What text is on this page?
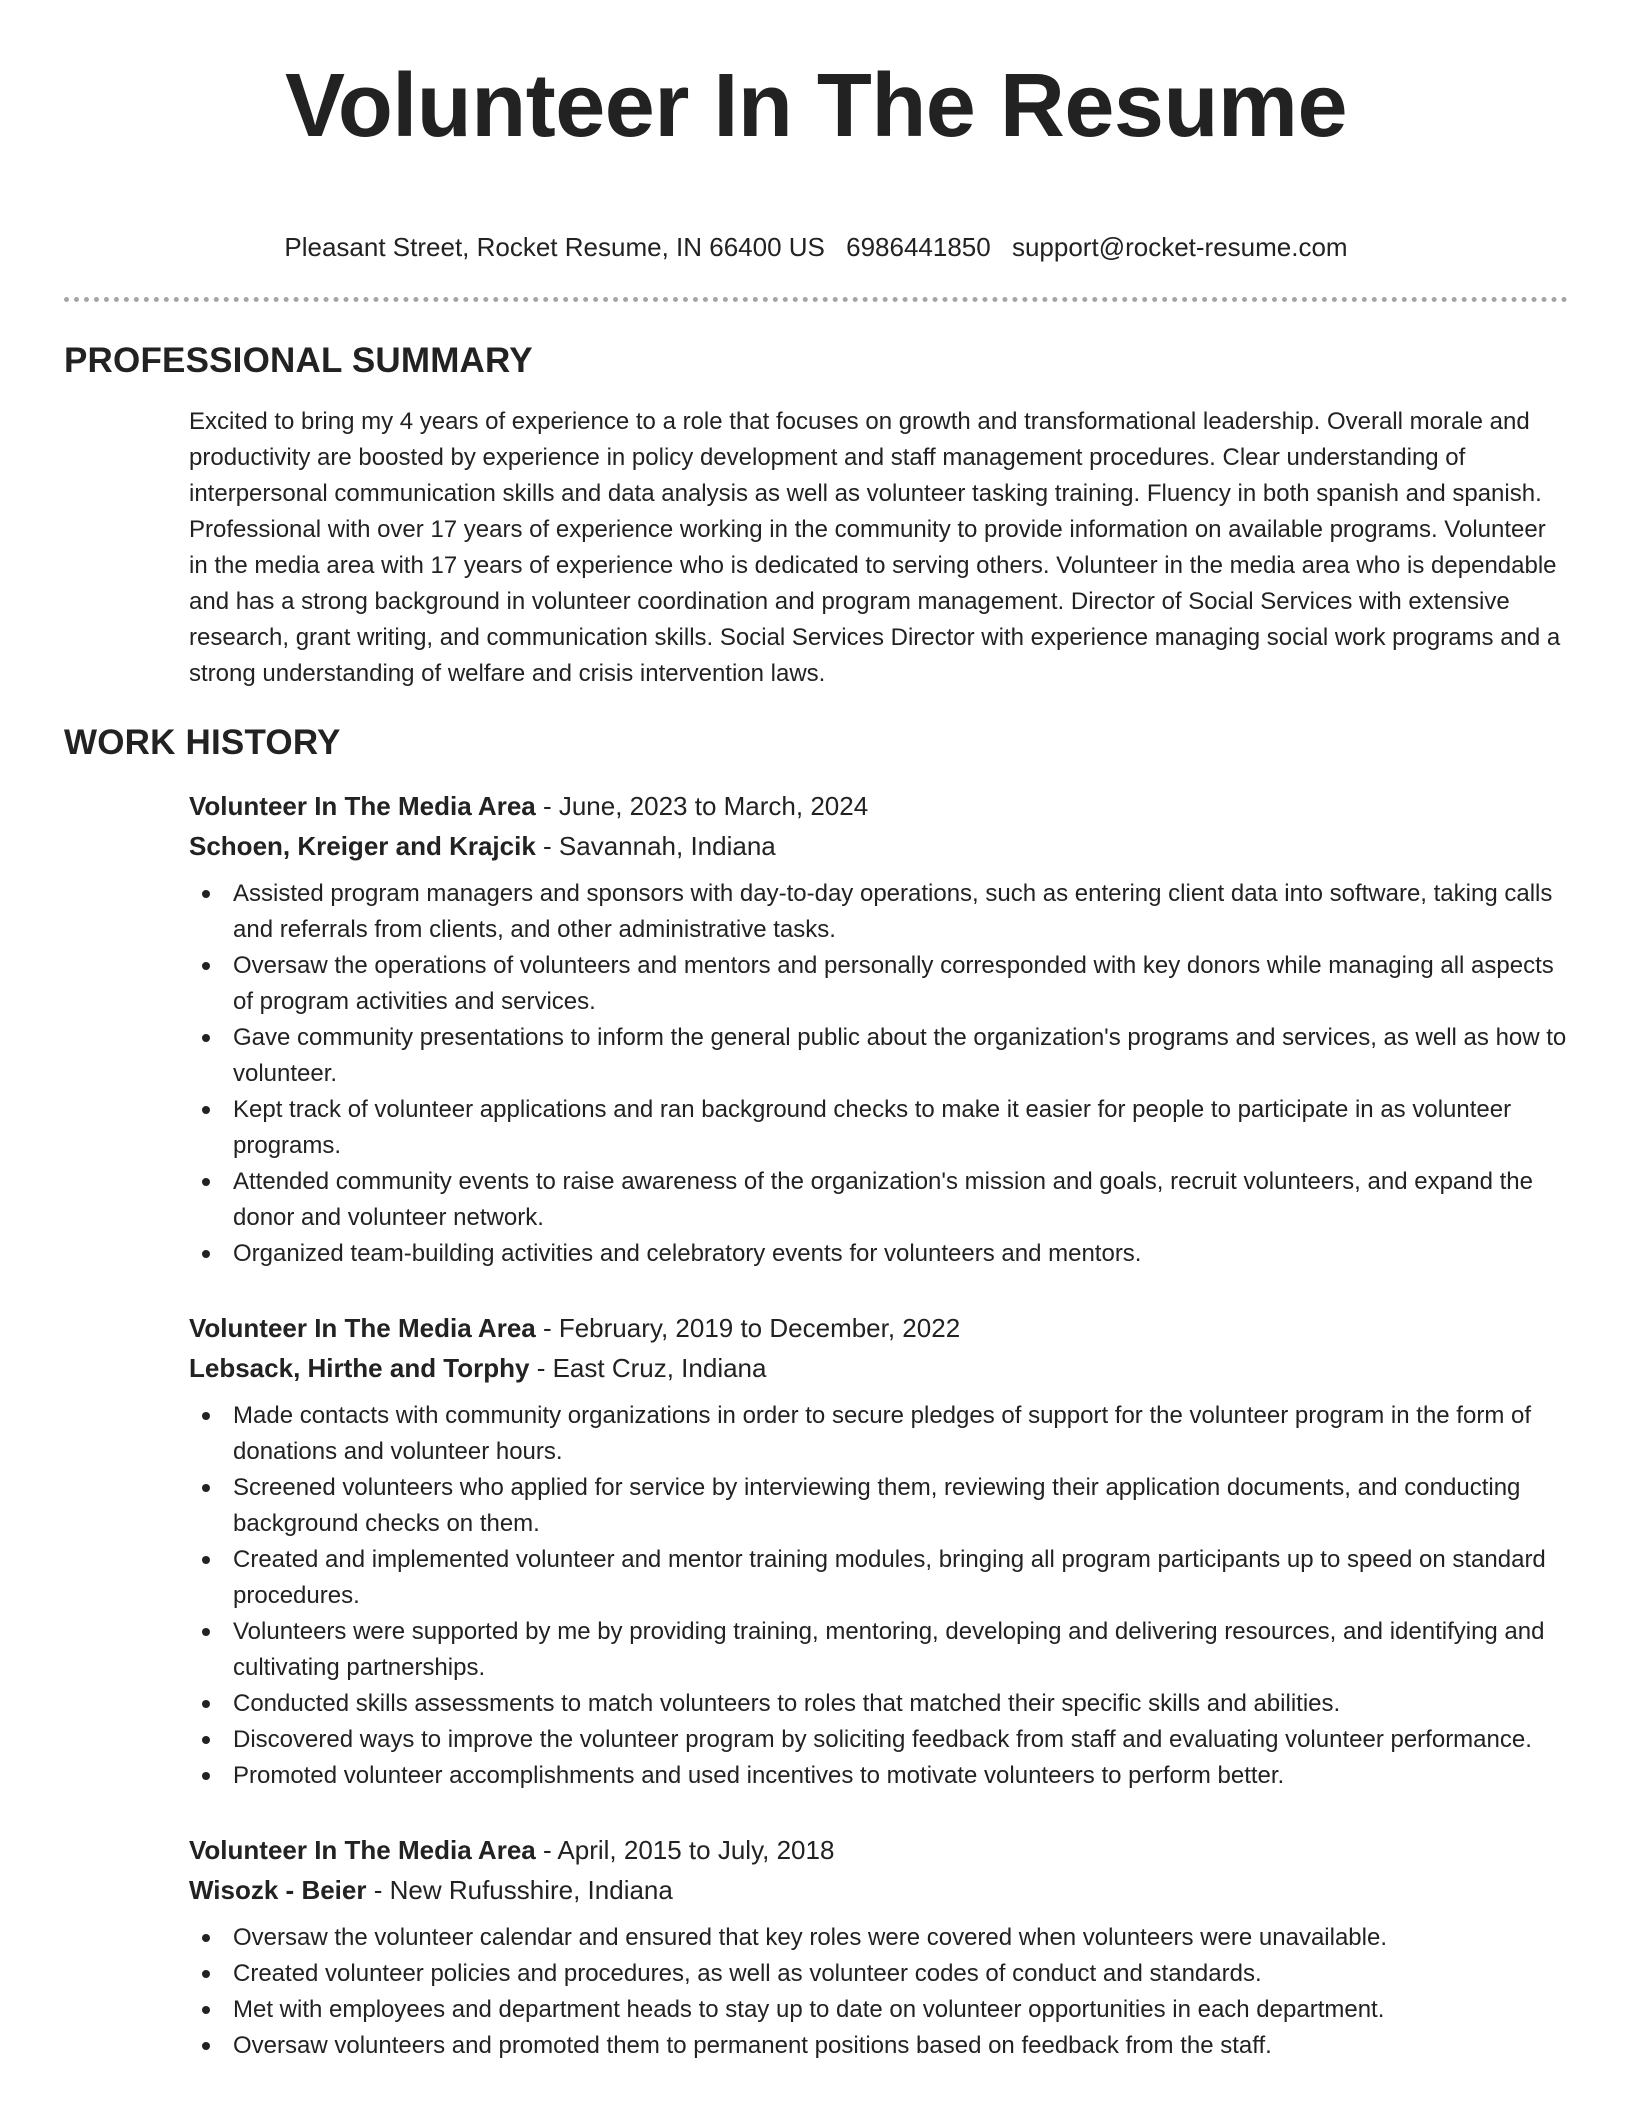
Volunteer In The Resume
Pleasant Street, Rocket Resume, IN 66400 US 6986441850 support@rocket-resume.com
PROFESSIONAL SUMMARY
Excited to bring my 4 years of experience to a role that focuses on growth and transformational leadership. Overall morale and productivity are boosted by experience in policy development and staff management procedures. Clear understanding of interpersonal communication skills and data analysis as well as volunteer tasking training. Fluency in both spanish and spanish. Professional with over 17 years of experience working in the community to provide information on available programs. Volunteer in the media area with 17 years of experience who is dedicated to serving others. Volunteer in the media area who is dependable and has a strong background in volunteer coordination and program management. Director of Social Services with extensive research, grant writing, and communication skills. Social Services Director with experience managing social work programs and a strong understanding of welfare and crisis intervention laws.
WORK HISTORY
Volunteer In The Media Area - June, 2023 to March, 2024
Schoen, Kreiger and Krajcik - Savannah, Indiana
Assisted program managers and sponsors with day-to-day operations, such as entering client data into software, taking calls and referrals from clients, and other administrative tasks.
Oversaw the operations of volunteers and mentors and personally corresponded with key donors while managing all aspects of program activities and services.
Gave community presentations to inform the general public about the organization's programs and services, as well as how to volunteer.
Kept track of volunteer applications and ran background checks to make it easier for people to participate in as volunteer programs.
Attended community events to raise awareness of the organization's mission and goals, recruit volunteers, and expand the donor and volunteer network.
Organized team-building activities and celebratory events for volunteers and mentors.
Volunteer In The Media Area - February, 2019 to December, 2022
Lebsack, Hirthe and Torphy - East Cruz, Indiana
Made contacts with community organizations in order to secure pledges of support for the volunteer program in the form of donations and volunteer hours.
Screened volunteers who applied for service by interviewing them, reviewing their application documents, and conducting background checks on them.
Created and implemented volunteer and mentor training modules, bringing all program participants up to speed on standard procedures.
Volunteers were supported by me by providing training, mentoring, developing and delivering resources, and identifying and cultivating partnerships.
Conducted skills assessments to match volunteers to roles that matched their specific skills and abilities.
Discovered ways to improve the volunteer program by soliciting feedback from staff and evaluating volunteer performance.
Promoted volunteer accomplishments and used incentives to motivate volunteers to perform better.
Volunteer In The Media Area - April, 2015 to July, 2018
Wisozk - Beier - New Rufusshire, Indiana
Oversaw the volunteer calendar and ensured that key roles were covered when volunteers were unavailable.
Created volunteer policies and procedures, as well as volunteer codes of conduct and standards.
Met with employees and department heads to stay up to date on volunteer opportunities in each department.
Oversaw volunteers and promoted them to permanent positions based on feedback from the staff.
